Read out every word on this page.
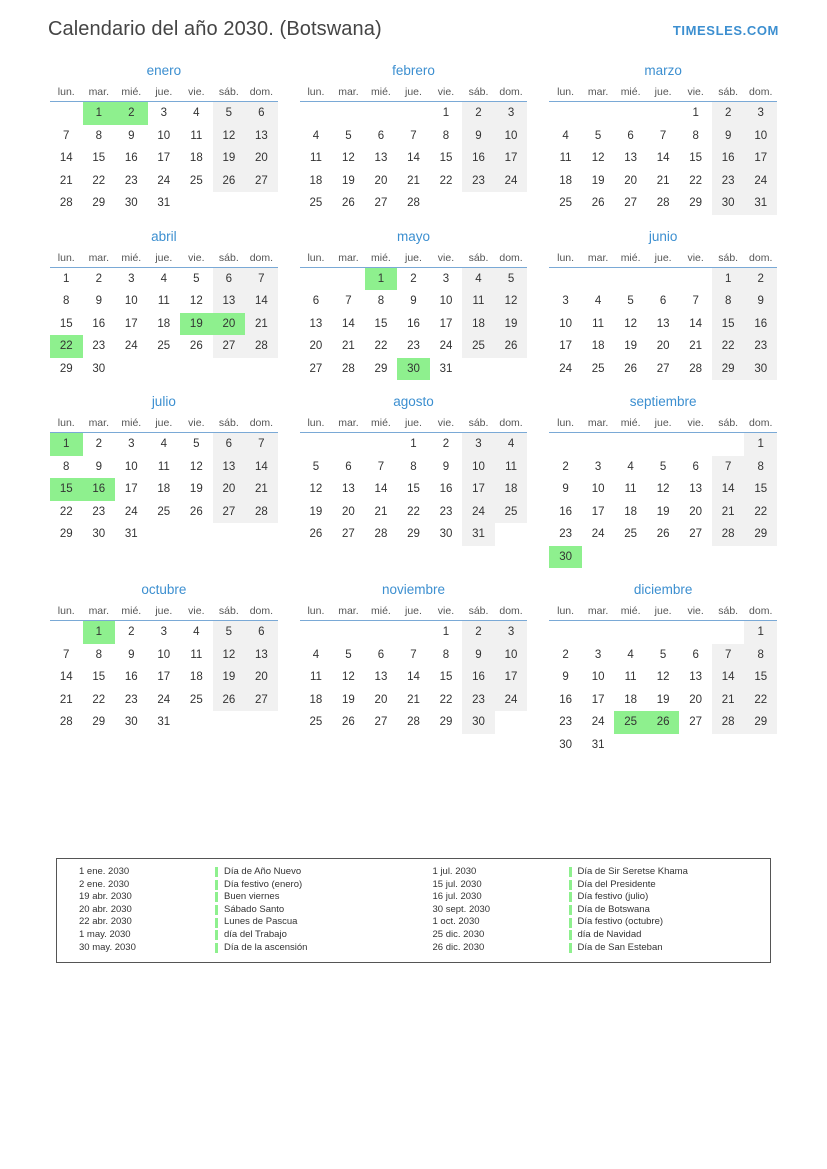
Calendario del año 2030. (Botswana)	TIMESLES.COM
enero
lun.	mar.	mié.	jue.	vie.	sáb.	dom.
	1	2	3	4	5	6
7	8	9	10	11	12	13
14	15	16	17	18	19	20
21	22	23	24	25	26	27
28	29	30	31			
febrero
lun.	mar.	mié.	jue.	vie.	sáb.	dom.
				1	2	3
4	5	6	7	8	9	10
11	12	13	14	15	16	17
18	19	20	21	22	23	24
25	26	27	28			
marzo
lun.	mar.	mié.	jue.	vie.	sáb.	dom.
				1	2	3
4	5	6	7	8	9	10
11	12	13	14	15	16	17
18	19	20	21	22	23	24
25	26	27	28	29	30	31
abril
lun.	mar.	mié.	jue.	vie.	sáb.	dom.
1	2	3	4	5	6	7
8	9	10	11	12	13	14
15	16	17	18	19	20	21
22	23	24	25	26	27	28
29	30					
mayo
lun.	mar.	mié.	jue.	vie.	sáb.	dom.
		1	2	3	4	5
6	7	8	9	10	11	12
13	14	15	16	17	18	19
20	21	22	23	24	25	26
27	28	29	30	31		
junio
lun.	mar.	mié.	jue.	vie.	sáb.	dom.
					1	2
3	4	5	6	7	8	9
10	11	12	13	14	15	16
17	18	19	20	21	22	23
24	25	26	27	28	29	30
julio
lun.	mar.	mié.	jue.	vie.	sáb.	dom.
1	2	3	4	5	6	7
8	9	10	11	12	13	14
15	16	17	18	19	20	21
22	23	24	25	26	27	28
29	30	31				
agosto
lun.	mar.	mié.	jue.	vie.	sáb.	dom.
			1	2	3	4
5	6	7	8	9	10	11
12	13	14	15	16	17	18
19	20	21	22	23	24	25
26	27	28	29	30	31	
septiembre
lun.	mar.	mié.	jue.	vie.	sáb.	dom.
						1
2	3	4	5	6	7	8
9	10	11	12	13	14	15
16	17	18	19	20	21	22
23	24	25	26	27	28	29
30						
octubre
lun.	mar.	mié.	jue.	vie.	sáb.	dom.
	1	2	3	4	5	6
7	8	9	10	11	12	13
14	15	16	17	18	19	20
21	22	23	24	25	26	27
28	29	30	31			
noviembre
lun.	mar.	mié.	jue.	vie.	sáb.	dom.
				1	2	3
4	5	6	7	8	9	10
11	12	13	14	15	16	17
18	19	20	21	22	23	24
25	26	27	28	29	30	
diciembre
lun.	mar.	mié.	jue.	vie.	sáb.	dom.
						1
2	3	4	5	6	7	8
9	10	11	12	13	14	15
16	17	18	19	20	21	22
23	24	25	26	27	28	29
30	31					
1 ene. 2030	Día de Año Nuevo
2 ene. 2030	Día festivo (enero)
19 abr. 2030	Buen viernes
20 abr. 2030	Sábado Santo
22 abr. 2030	Lunes de Pascua
1 may. 2030	día del Trabajo
30 may. 2030	Día de la ascensión
1 jul. 2030	Día de Sir Seretse Khama
15 jul. 2030	Día del Presidente
16 jul. 2030	Día festivo (julio)
30 sept. 2030	Día de Botswana
1 oct. 2030	Día festivo (octubre)
25 dic. 2030	día de Navidad
26 dic. 2030	Día de San Esteban
